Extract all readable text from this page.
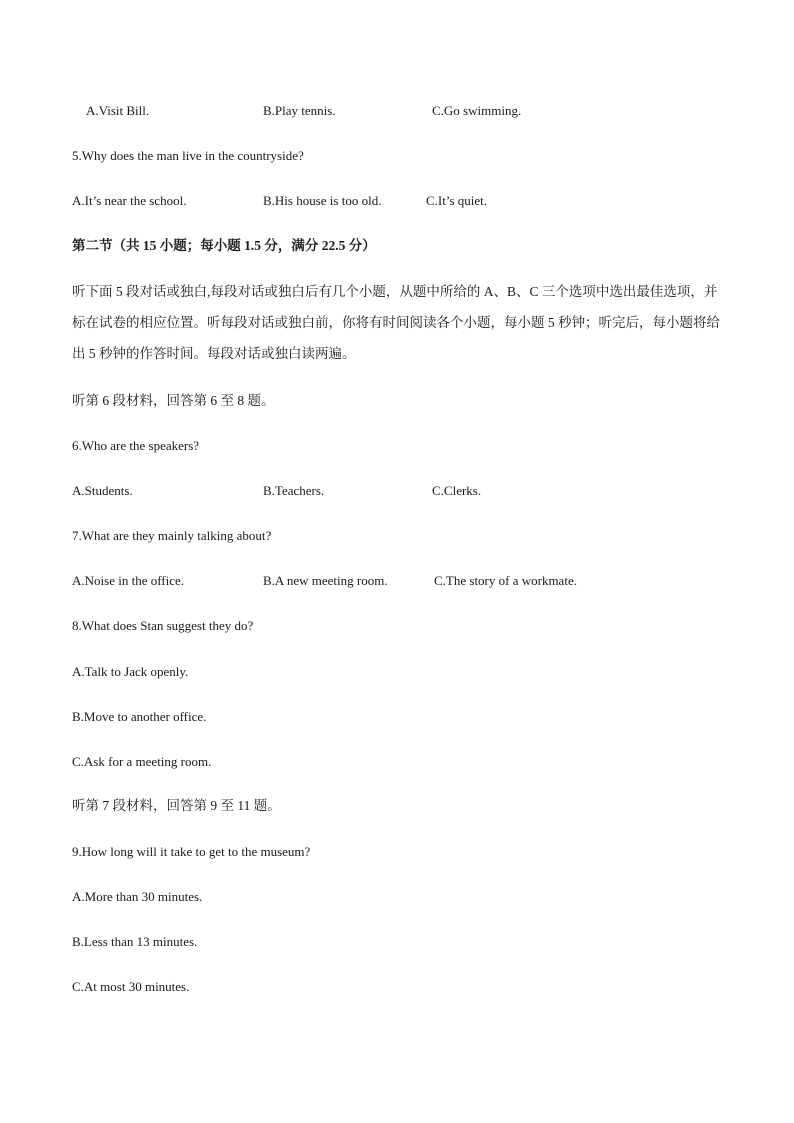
A.Visit Bill.	B.Play tennis.	C.Go swimming.
5.Why does the man live in the countryside?
A.It’s near the school.	B.His house is too old.	C.It’s quiet.
第二节（共 15 小题；每小题 1.5 分，满分 22.5 分）
听下面 5 段对话或独白,每段对话或独白后有几个小题，从题中所给的 A、B、C 三个选项中选出最佳选项，并标在试卷的相应位置。听每段对话或独白前，你将有时间阅读各个小题，每小题 5 秒钟；听完后，每小题将给出 5 秒钟的作答时间。每段对话或独白读两遍。
听第 6 段材料，回答第 6 至 8 题。
6.Who are the speakers?
A.Students.	B.Teachers.	C.Clerks.
7.What are they mainly talking about?
A.Noise in the office.	B.A new meeting room.	C.The story of a workmate.
8.What does Stan suggest they do?
A.Talk to Jack openly.
B.Move to another office.
C.Ask for a meeting room.
听第 7 段材料，回答第 9 至 11 题。
9.How long will it take to get to the museum?
A.More than 30 minutes.
B.Less than 13 minutes.
C.At most 30 minutes.
